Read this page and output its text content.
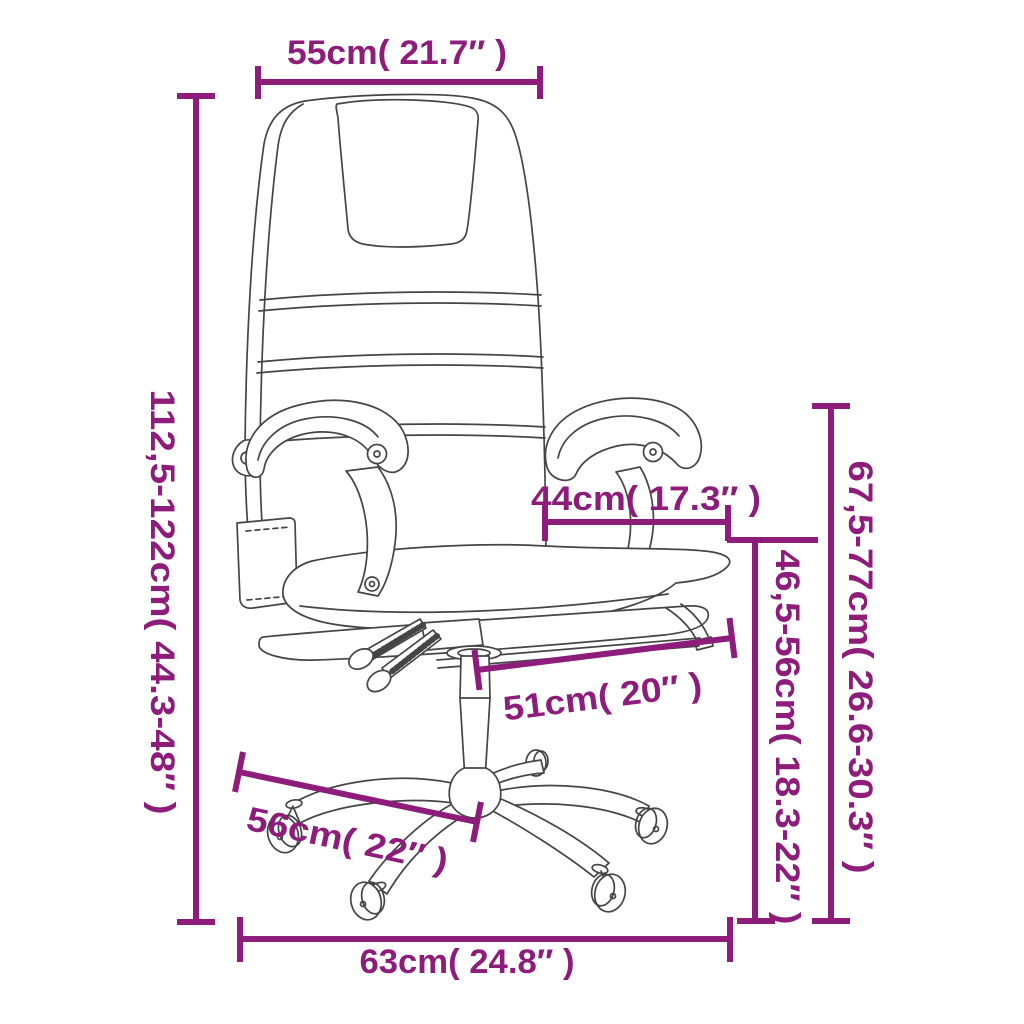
55cm( 21.7″ )
112,5-122cm( 44.3-48″ )	44cm( 17.3″ ) 67,5-77cm( 26.6-30.3″ )
46,5-56cm( 18.3-22″ )
51cm( 20″ )
56cm( 22″ )
63cm( 24.8″ )
